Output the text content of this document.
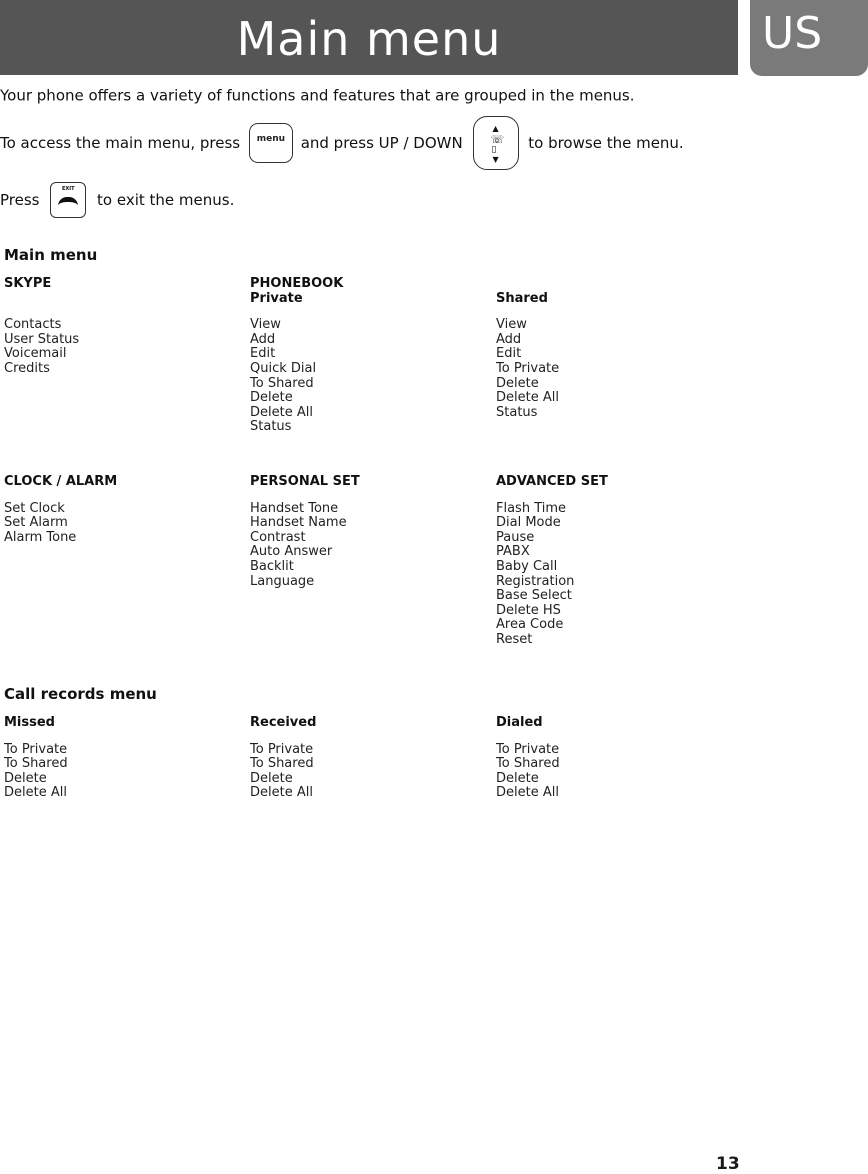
Main menu	US
Your phone offers a variety of functions and features that are grouped in the menus.
To access the main menu, press	menu	and press UP / DOWN
▲
☏
▯
▼
to browse the menu.
Press
EXIT
to exit the menus.
Main menu
SKYPE

Contacts
User Status
Voicemail
Credits
PHONEBOOK
Private
View
Add
Edit
Quick Dial
To Shared
Delete
Delete All
Status

Shared
View
Add
Edit
To Private
Delete
Delete All
Status
CLOCK / ALARM
Set Clock
Set Alarm
Alarm Tone
PERSONAL SET
Handset Tone
Handset Name
Contrast
Auto Answer
Backlit
Language
ADVANCED SET
Flash Time
Dial Mode
Pause
PABX
Baby Call
Registration
Base Select
Delete HS
Area Code
Reset
Call records menu
Missed
To Private
To Shared
Delete
Delete All
Received
To Private
To Shared
Delete
Delete All
Dialed
To Private
To Shared
Delete
Delete All
13
